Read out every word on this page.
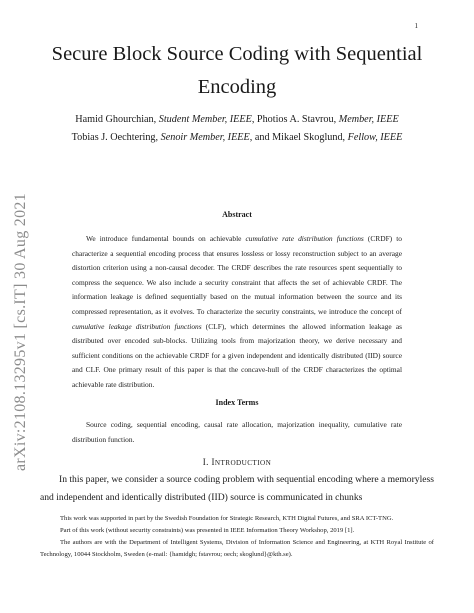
1
arXiv:2108.13295v1 [cs.IT] 30 Aug 2021
Secure Block Source Coding with Sequential Encoding
Hamid Ghourchian, Student Member, IEEE, Photios A. Stavrou, Member, IEEE
Tobias J. Oechtering, Senoir Member, IEEE, and Mikael Skoglund, Fellow, IEEE
Abstract

We introduce fundamental bounds on achievable cumulative rate distribution functions (CRDF) to characterize a sequential encoding process that ensures lossless or lossy reconstruction subject to an average distortion criterion using a non-causal decoder. The CRDF describes the rate resources spent sequentially to compress the sequence. We also include a security constraint that affects the set of achievable CRDF. The information leakage is defined sequentially based on the mutual information between the source and its compressed representation, as it evolves. To characterize the security constraints, we introduce the concept of cumulative leakage distribution functions (CLF), which determines the allowed information leakage as distributed over encoded sub-blocks. Utilizing tools from majorization theory, we derive necessary and sufficient conditions on the achievable CRDF for a given independent and identically distributed (IID) source and CLF. One primary result of this paper is that the concave-hull of the CRDF characterizes the optimal achievable rate distribution.

Index Terms

Source coding, sequential encoding, causal rate allocation, majorization inequality, cumulative rate distribution function.

I. INTRODUCTION

In this paper, we consider a source coding problem with sequential encoding where a memoryless and independent and identically distributed (IID) source is communicated in chunks

This work was supported in part by the Swedish Foundation for Strategic Research, KTH Digital Futures, and SRA ICT-TNG.

Part of this work (without security constraints) was presented in IEEE Information Theory Workshop, 2019 [1].

The authors are with the Department of Intelligent Systems, Division of Information Science and Engineering, at KTH Royal Institute of Technology, 10044 Stockholm, Sweden (e-mail: {hamidgh; fstavrou; oech; skoglund}@kth.se).
